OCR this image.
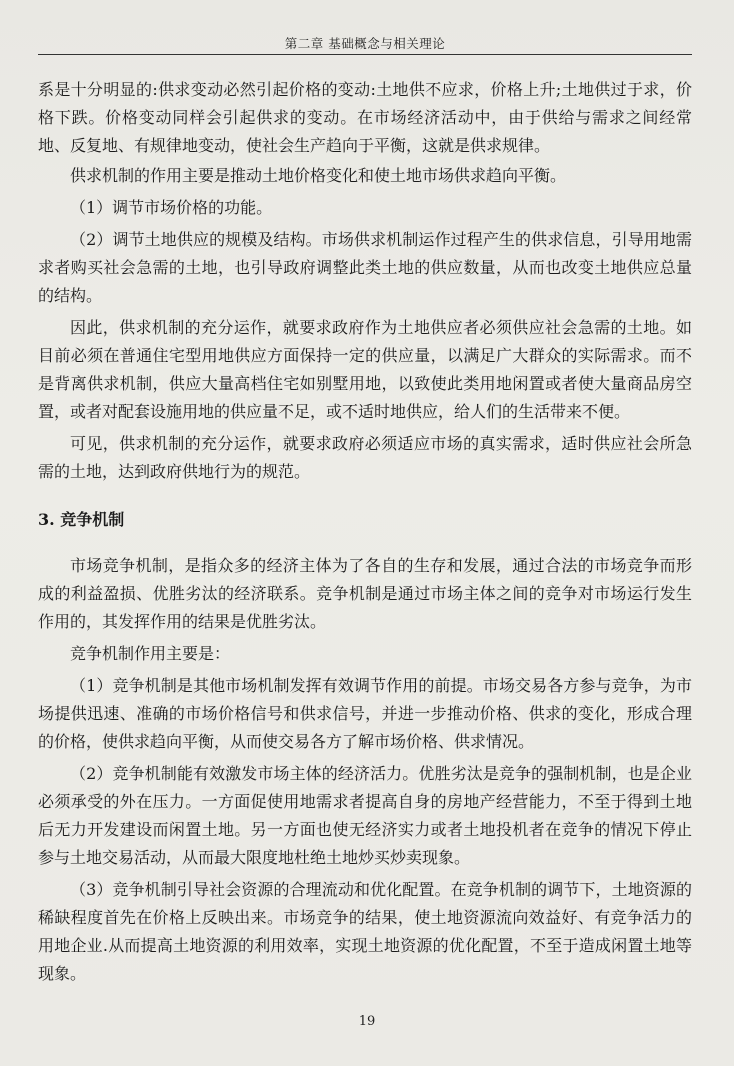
第二章 基础概念与相关理论

系是十分明显的:供求变动必然引起价格的变动:土地供不应求，价格上升;土地供过于求，价格下跌。价格变动同样会引起供求的变动。在市场经济活动中，由于供给与需求之间经常地、反复地、有规律地变动，使社会生产趋向于平衡，这就是供求规律。

供求机制的作用主要是推动土地价格变化和使土地市场供求趋向平衡。

（1）调节市场价格的功能。

（2）调节土地供应的规模及结构。市场供求机制运作过程产生的供求信息，引导用地需求者购买社会急需的土地，也引导政府调整此类土地的供应数量，从而也改变土地供应总量的结构。

因此，供求机制的充分运作，就要求政府作为土地供应者必须供应社会急需的土地。如目前必须在普通住宅型用地供应方面保持一定的供应量，以满足广大群众的实际需求。而不是背离供求机制，供应大量高档住宅如别墅用地，以致使此类用地闲置或者使大量商品房空置，或者对配套设施用地的供应量不足，或不适时地供应，给人们的生活带来不便。

可见，供求机制的充分运作，就要求政府必须适应市场的真实需求，适时供应社会所急需的土地，达到政府供地行为的规范。

3. 竞争机制

市场竞争机制，是指众多的经济主体为了各自的生存和发展，通过合法的市场竞争而形成的利益盈损、优胜劣汰的经济联系。竞争机制是通过市场主体之间的竞争对市场运行发生作用的，其发挥作用的结果是优胜劣汰。

竞争机制作用主要是：

（1）竞争机制是其他市场机制发挥有效调节作用的前提。市场交易各方参与竞争，为市场提供迅速、准确的市场价格信号和供求信号，并进一步推动价格、供求的变化，形成合理的价格，使供求趋向平衡，从而使交易各方了解市场价格、供求情况。

（2）竞争机制能有效激发市场主体的经济活力。优胜劣汰是竞争的强制机制，也是企业必须承受的外在压力。一方面促使用地需求者提高自身的房地产经营能力，不至于得到土地后无力开发建设而闲置土地。另一方面也使无经济实力或者土地投机者在竞争的情况下停止参与土地交易活动，从而最大限度地杜绝土地炒买炒卖现象。

（3）竞争机制引导社会资源的合理流动和优化配置。在竞争机制的调节下，土地资源的稀缺程度首先在价格上反映出来。市场竞争的结果，使土地资源流向效益好、有竞争活力的用地企业.从而提高土地资源的利用效率，实现土地资源的优化配置，不至于造成闲置土地等现象。

19
